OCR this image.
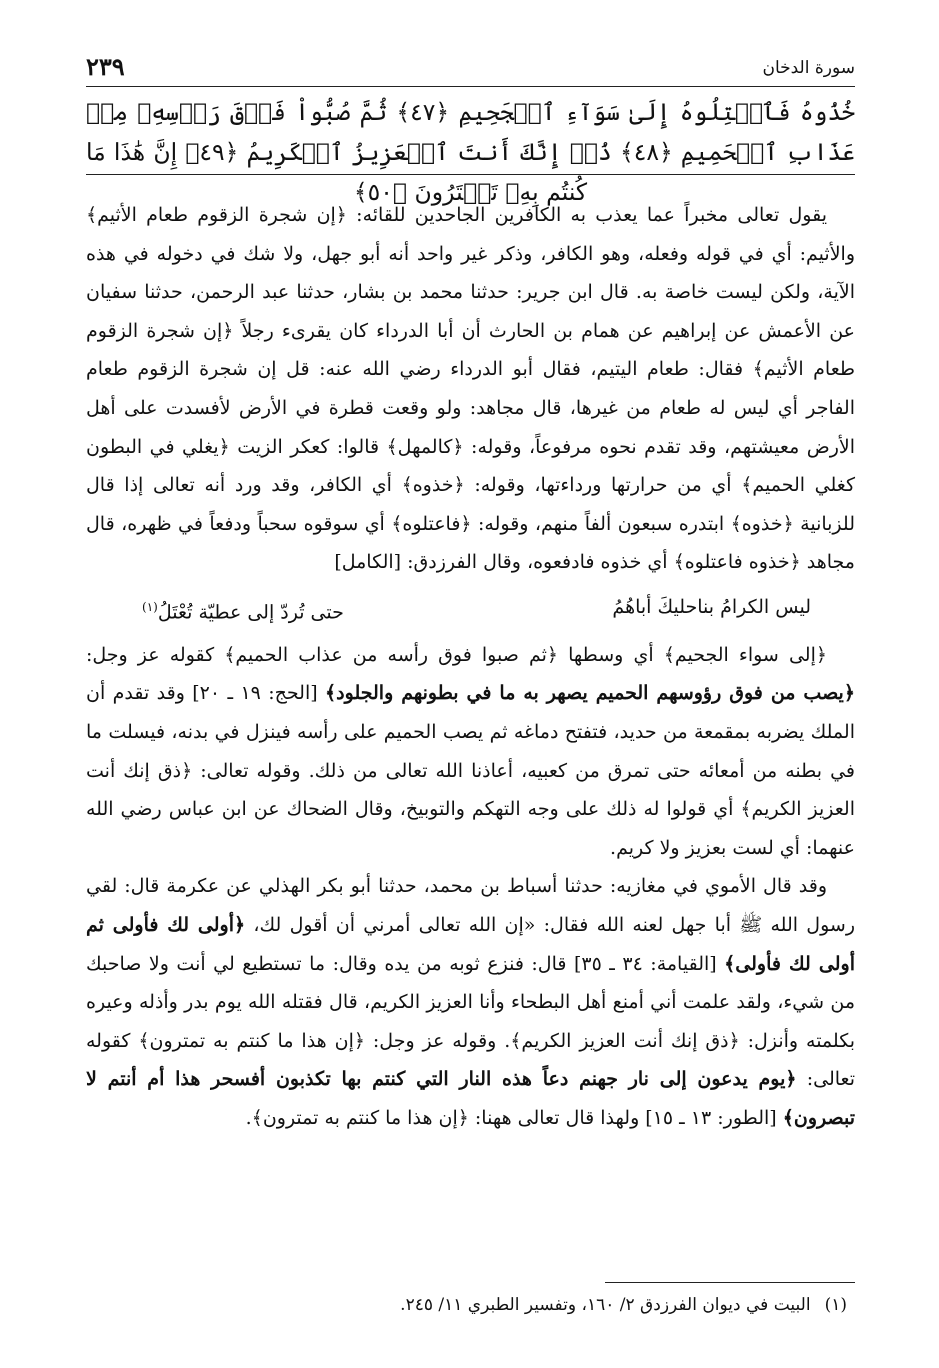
سورة الدخان
٢٣٩
خُذُوهُ فَٱعۡتِلُوهُ إِلَىٰ سَوَآءِ ٱلۡجَحِيمِ ﴿٤٧﴾ ثُمَّ صُبُّواْ فَوۡقَ رَأۡسِهِۦ مِنۡ عَذَابِ ٱلۡحَمِيمِ ﴿٤٨﴾ ذُقۡ إِنَّكَ أَنتَ ٱلۡعَزِيزُ ٱلۡكَرِيمُ ﴿٤٩﴾ إِنَّ هَٰذَا مَا كُنتُم بِهِۦ تَمۡتَرُونَ ﴿٥٠﴾

يقول تعالى مخبراً عما يعذب به الكافرين الجاحدين للقائه: ﴿إن شجرة الزقوم طعام الأثيم﴾ والأثيم: أي في قوله وفعله، وهو الكافر، وذكر غير واحد أنه أبو جهل، ولا شك في دخوله في هذه الآية، ولكن ليست خاصة به. قال ابن جرير: حدثنا محمد بن بشار، حدثنا عبد الرحمن، حدثنا سفيان عن الأعمش عن إبراهيم عن همام بن الحارث أن أبا الدرداء كان يقرىء رجلاً ﴿إن شجرة الزقوم طعام الأثيم﴾ فقال: طعام اليتيم، فقال أبو الدرداء رضي الله عنه: قل إن شجرة الزقوم طعام الفاجر أي ليس له طعام من غيرها، قال مجاهد: ولو وقعت قطرة في الأرض لأفسدت على أهل الأرض معيشتهم، وقد تقدم نحوه مرفوعاً، وقوله: ﴿كالمهل﴾ قالوا: كعكر الزيت ﴿يغلي في البطون كغلي الحميم﴾ أي من حرارتها ورداءتها، وقوله: ﴿خذوه﴾ أي الكافر، وقد ورد أنه تعالى إذا قال للزبانية ﴿خذوه﴾ ابتدره سبعون ألفاً منهم، وقوله: ﴿فاعتلوه﴾ أي سوقوه سحباً ودفعاً في ظهره، قال مجاهد ﴿خذوه فاعتلوه﴾ أي خذوه فادفعوه، وقال الفرزدق: [الكامل]

ليس الكرامُ بناحليكَ أباهُمُ
حتى تُردّ إلى عطيّة تُعْتَلُ$^{(١)}$

﴿إلى سواء الجحيم﴾ أي وسطها ﴿ثم صبوا فوق رأسه من عذاب الحميم﴾ كقوله عز وجل: ﴿يصب من فوق رؤوسهم الحميم يصهر به ما في بطونهم والجلود﴾ [الحج: ١٩ ـ ٢٠] وقد تقدم أن الملك يضربه بمقمعة من حديد، فتفتح دماغه ثم يصب الحميم على رأسه فينزل في بدنه، فيسلت ما في بطنه من أمعائه حتى تمرق من كعبيه، أعاذنا الله تعالى من ذلك. وقوله تعالى: ﴿ذق إنك أنت العزيز الكريم﴾ أي قولوا له ذلك على وجه التهكم والتوبيخ، وقال الضحاك عن ابن عباس رضي الله عنهما: أي لست بعزيز ولا كريم.

وقد قال الأموي في مغازيه: حدثنا أسباط بن محمد، حدثنا أبو بكر الهذلي عن عكرمة قال: لقي رسول الله ﷺ أبا جهل لعنه الله فقال: «إن الله تعالى أمرني أن أقول لك، ﴿أولى لك فأولى ثم أولى لك فأولى﴾ [القيامة: ٣٤ ـ ٣٥] قال: فنزع ثوبه من يده وقال: ما تستطيع لي أنت ولا صاحبك من شيء، ولقد علمت أني أمنع أهل البطحاء وأنا العزيز الكريم، قال فقتله الله يوم بدر وأذله وعيره بكلمته وأنزل: ﴿ذق إنك أنت العزيز الكريم﴾. وقوله عز وجل: ﴿إن هذا ما كنتم به تمترون﴾ كقوله تعالى: ﴿يوم يدعون إلى نار جهنم دعاً هذه النار التي كنتم بها تكذبون أفسحر هذا أم أنتم لا تبصرون﴾ [الطور: ١٣ ـ ١٥] ولهذا قال تعالى ههنا: ﴿إن هذا ما كنتم به تمترون﴾.

(١)البيت في ديوان الفرزدق ٢/ ١٦٠، وتفسير الطبري ١١/ ٢٤٥.
